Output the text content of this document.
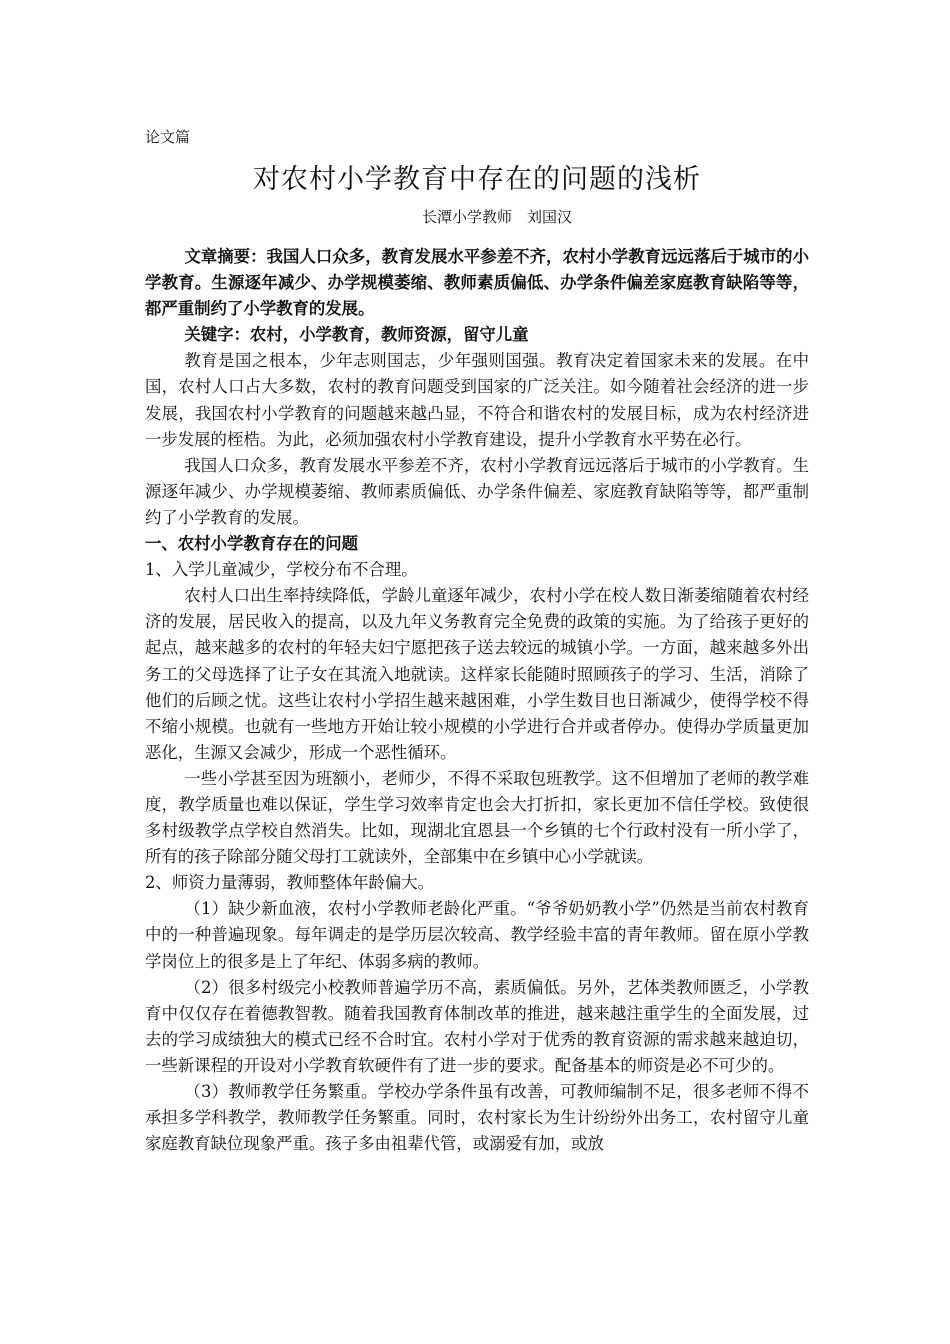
论文篇
对农村小学教育中存在的问题的浅析
长潭小学教师　刘国汉

文章摘要：我国人口众多，教育发展水平参差不齐，农村小学教育远远落后于城市的小学教育。生源逐年减少、办学规模萎缩、教师素质偏低、办学条件偏差家庭教育缺陷等等，都严重制约了小学教育的发展。

关键字：农村，小学教育，教师资源，留守儿童

教育是国之根本，少年志则国志，少年强则国强。教育决定着国家未来的发展。在中国，农村人口占大多数，农村的教育问题受到国家的广泛关注。如今随着社会经济的进一步发展，我国农村小学教育的问题越来越凸显，不符合和谐农村的发展目标，成为农村经济进一步发展的桎梏。为此，必须加强农村小学教育建设，提升小学教育水平势在必行。

我国人口众多，教育发展水平参差不齐，农村小学教育远远落后于城市的小学教育。生源逐年减少、办学规模萎缩、教师素质偏低、办学条件偏差、家庭教育缺陷等等，都严重制约了小学教育的发展。

一、农村小学教育存在的问题
1、入学儿童减少，学校分布不合理。

农村人口出生率持续降低，学龄儿童逐年减少，农村小学在校人数日渐萎缩随着农村经济的发展，居民收入的提高，以及九年义务教育完全免费的政策的实施。为了给孩子更好的起点，越来越多的农村的年轻夫妇宁愿把孩子送去较远的城镇小学。一方面，越来越多外出务工的父母选择了让子女在其流入地就读。这样家长能随时照顾孩子的学习、生活，消除了他们的后顾之忧。这些让农村小学招生越来越困难，小学生数目也日渐减少，使得学校不得不缩小规模。也就有一些地方开始让较小规模的小学进行合并或者停办。使得办学质量更加恶化，生源又会减少，形成一个恶性循环。

一些小学甚至因为班额小，老师少，不得不采取包班教学。这不但增加了老师的教学难度，教学质量也难以保证，学生学习效率肯定也会大打折扣，家长更加不信任学校。致使很多村级教学点学校自然消失。比如，现湖北宜恩县一个乡镇的七个行政村没有一所小学了，所有的孩子除部分随父母打工就读外，全部集中在乡镇中心小学就读。

2、师资力量薄弱，教师整体年龄偏大。

（1）缺少新血液，农村小学教师老龄化严重。“爷爷奶奶教小学”仍然是当前农村教育中的一种普遍现象。每年调走的是学历层次较高、教学经验丰富的青年教师。留在原小学教学岗位上的很多是上了年纪、体弱多病的教师。

（2）很多村级完小校教师普遍学历不高，素质偏低。另外，艺体类教师匮乏，小学教育中仅仅存在着德教智教。随着我国教育体制改革的推进，越来越注重学生的全面发展，过去的学习成绩独大的模式已经不合时宜。农村小学对于优秀的教育资源的需求越来越迫切，一些新课程的开设对小学教育软硬件有了进一步的要求。配备基本的师资是必不可少的。

（3）教师教学任务繁重。学校办学条件虽有改善，可教师编制不足，很多老师不得不承担多学科教学，教师教学任务繁重。同时，农村家长为生计纷纷外出务工，农村留守儿童家庭教育缺位现象严重。孩子多由祖辈代管，或溺爱有加，或放
